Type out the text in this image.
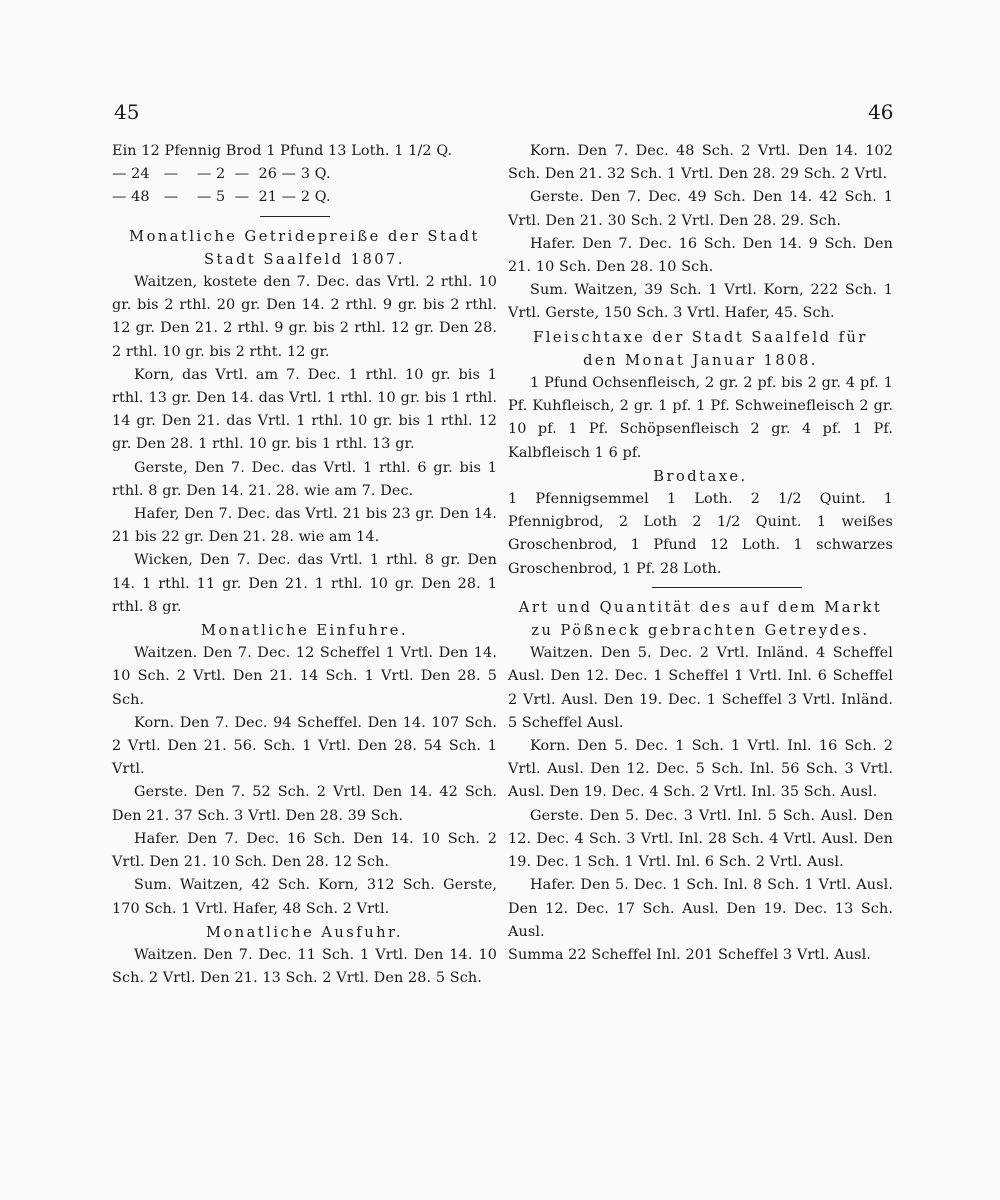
45	46

Ein 12 Pfennig Brod 1 Pfund 13 Loth. 1 1/2 Q.

— 24   —    — 2  —  26 — 3 Q.

— 48   —    — 5  —  21 — 2 Q.

Monatliche Getridepreiße der Stadt

Stadt Saalfeld 1807.

Waitzen, kostete den 7. Dec. das Vrtl. 2 rthl. 10 gr. bis 2 rthl. 20 gr. Den 14. 2 rthl. 9 gr. bis 2 rthl. 12 gr. Den 21. 2 rthl. 9 gr. bis 2 rthl. 12 gr. Den 28. 2 rthl. 10 gr. bis 2 rtht. 12 gr.

Korn, das Vrtl. am 7. Dec. 1 rthl. 10 gr. bis 1 rthl. 13 gr. Den 14. das Vrtl. 1 rthl. 10 gr. bis 1 rthl. 14 gr. Den 21. das Vrtl. 1 rthl. 10 gr. bis 1 rthl. 12 gr. Den 28. 1 rthl. 10 gr. bis 1 rthl. 13 gr.

Gerste, Den 7. Dec. das Vrtl. 1 rthl. 6 gr. bis 1 rthl. 8 gr. Den 14. 21. 28. wie am 7. Dec.

Hafer, Den 7. Dec. das Vrtl. 21 bis 23 gr. Den 14. 21 bis 22 gr. Den 21. 28. wie am 14.

Wicken, Den 7. Dec. das Vrtl. 1 rthl. 8 gr. Den 14. 1 rthl. 11 gr. Den 21. 1 rthl. 10 gr. Den 28. 1 rthl. 8 gr.

Monatliche Einfuhre.

Waitzen. Den 7. Dec. 12 Scheffel 1 Vrtl. Den 14. 10 Sch. 2 Vrtl. Den 21. 14 Sch. 1 Vrtl. Den 28. 5 Sch.

Korn. Den 7. Dec. 94 Scheffel. Den 14. 107 Sch. 2 Vrtl. Den 21. 56. Sch. 1 Vrtl. Den 28. 54 Sch. 1 Vrtl.

Gerste. Den 7. 52 Sch. 2 Vrtl. Den 14. 42 Sch. Den 21. 37 Sch. 3 Vrtl. Den 28. 39 Sch.

Hafer. Den 7. Dec. 16 Sch. Den 14. 10 Sch. 2 Vrtl. Den 21. 10 Sch. Den 28. 12 Sch.

Sum. Waitzen, 42 Sch. Korn, 312 Sch. Gerste, 170 Sch. 1 Vrtl. Hafer, 48 Sch. 2 Vrtl.

Monatliche Ausfuhr.

Waitzen. Den 7. Dec. 11 Sch. 1 Vrtl. Den 14. 10 Sch. 2 Vrtl. Den 21. 13 Sch. 2 Vrtl. Den 28. 5 Sch.

Korn. Den 7. Dec. 48 Sch. 2 Vrtl. Den 14. 102 Sch. Den 21. 32 Sch. 1 Vrtl. Den 28. 29 Sch. 2 Vrtl.

Gerste. Den 7. Dec. 49 Sch. Den 14. 42 Sch. 1 Vrtl. Den 21. 30 Sch. 2 Vrtl. Den 28. 29. Sch.

Hafer. Den 7. Dec. 16 Sch. Den 14. 9 Sch. Den 21. 10 Sch. Den 28. 10 Sch.

Sum. Waitzen, 39 Sch. 1 Vrtl. Korn, 222 Sch. 1 Vrtl. Gerste, 150 Sch. 3 Vrtl. Hafer, 45. Sch.

Fleischtaxe der Stadt Saalfeld für

den Monat Januar 1808.

1 Pfund Ochsenfleisch, 2 gr. 2 pf. bis 2 gr. 4 pf. 1 Pf. Kuhfleisch, 2 gr. 1 pf. 1 Pf. Schweinefleisch 2 gr. 10 pf. 1 Pf. Schöpsenfleisch 2 gr. 4 pf. 1 Pf. Kalbfleisch 1 6 pf.

Brodtaxe.

1 Pfennigsemmel 1 Loth. 2 1/2 Quint. 1 Pfennigbrod, 2 Loth 2 1/2 Quint. 1 weißes Groschenbrod, 1 Pfund 12 Loth. 1 schwarzes Groschenbrod, 1 Pf. 28 Loth.

Art und Quantität des auf dem Markt

zu Pößneck gebrachten Getreydes.

Waitzen. Den 5. Dec. 2 Vrtl. Inländ. 4 Scheffel Ausl. Den 12. Dec. 1 Scheffel 1 Vrtl. Inl. 6 Scheffel 2 Vrtl. Ausl. Den 19. Dec. 1 Scheffel 3 Vrtl. Inländ. 5 Scheffel Ausl.

Korn. Den 5. Dec. 1 Sch. 1 Vrtl. Inl. 16 Sch. 2 Vrtl. Ausl. Den 12. Dec. 5 Sch. Inl. 56 Sch. 3 Vrtl. Ausl. Den 19. Dec. 4 Sch. 2 Vrtl. Inl. 35 Sch. Ausl.

Gerste. Den 5. Dec. 3 Vrtl. Inl. 5 Sch. Ausl. Den 12. Dec. 4 Sch. 3 Vrtl. Inl. 28 Sch. 4 Vrtl. Ausl. Den 19. Dec. 1 Sch. 1 Vrtl. Inl. 6 Sch. 2 Vrtl. Ausl.

Hafer. Den 5. Dec. 1 Sch. Inl. 8 Sch. 1 Vrtl. Ausl. Den 12. Dec. 17 Sch. Ausl. Den 19. Dec. 13 Sch. Ausl.

Summa 22 Scheffel Inl. 201 Scheffel 3 Vrtl. Ausl.
